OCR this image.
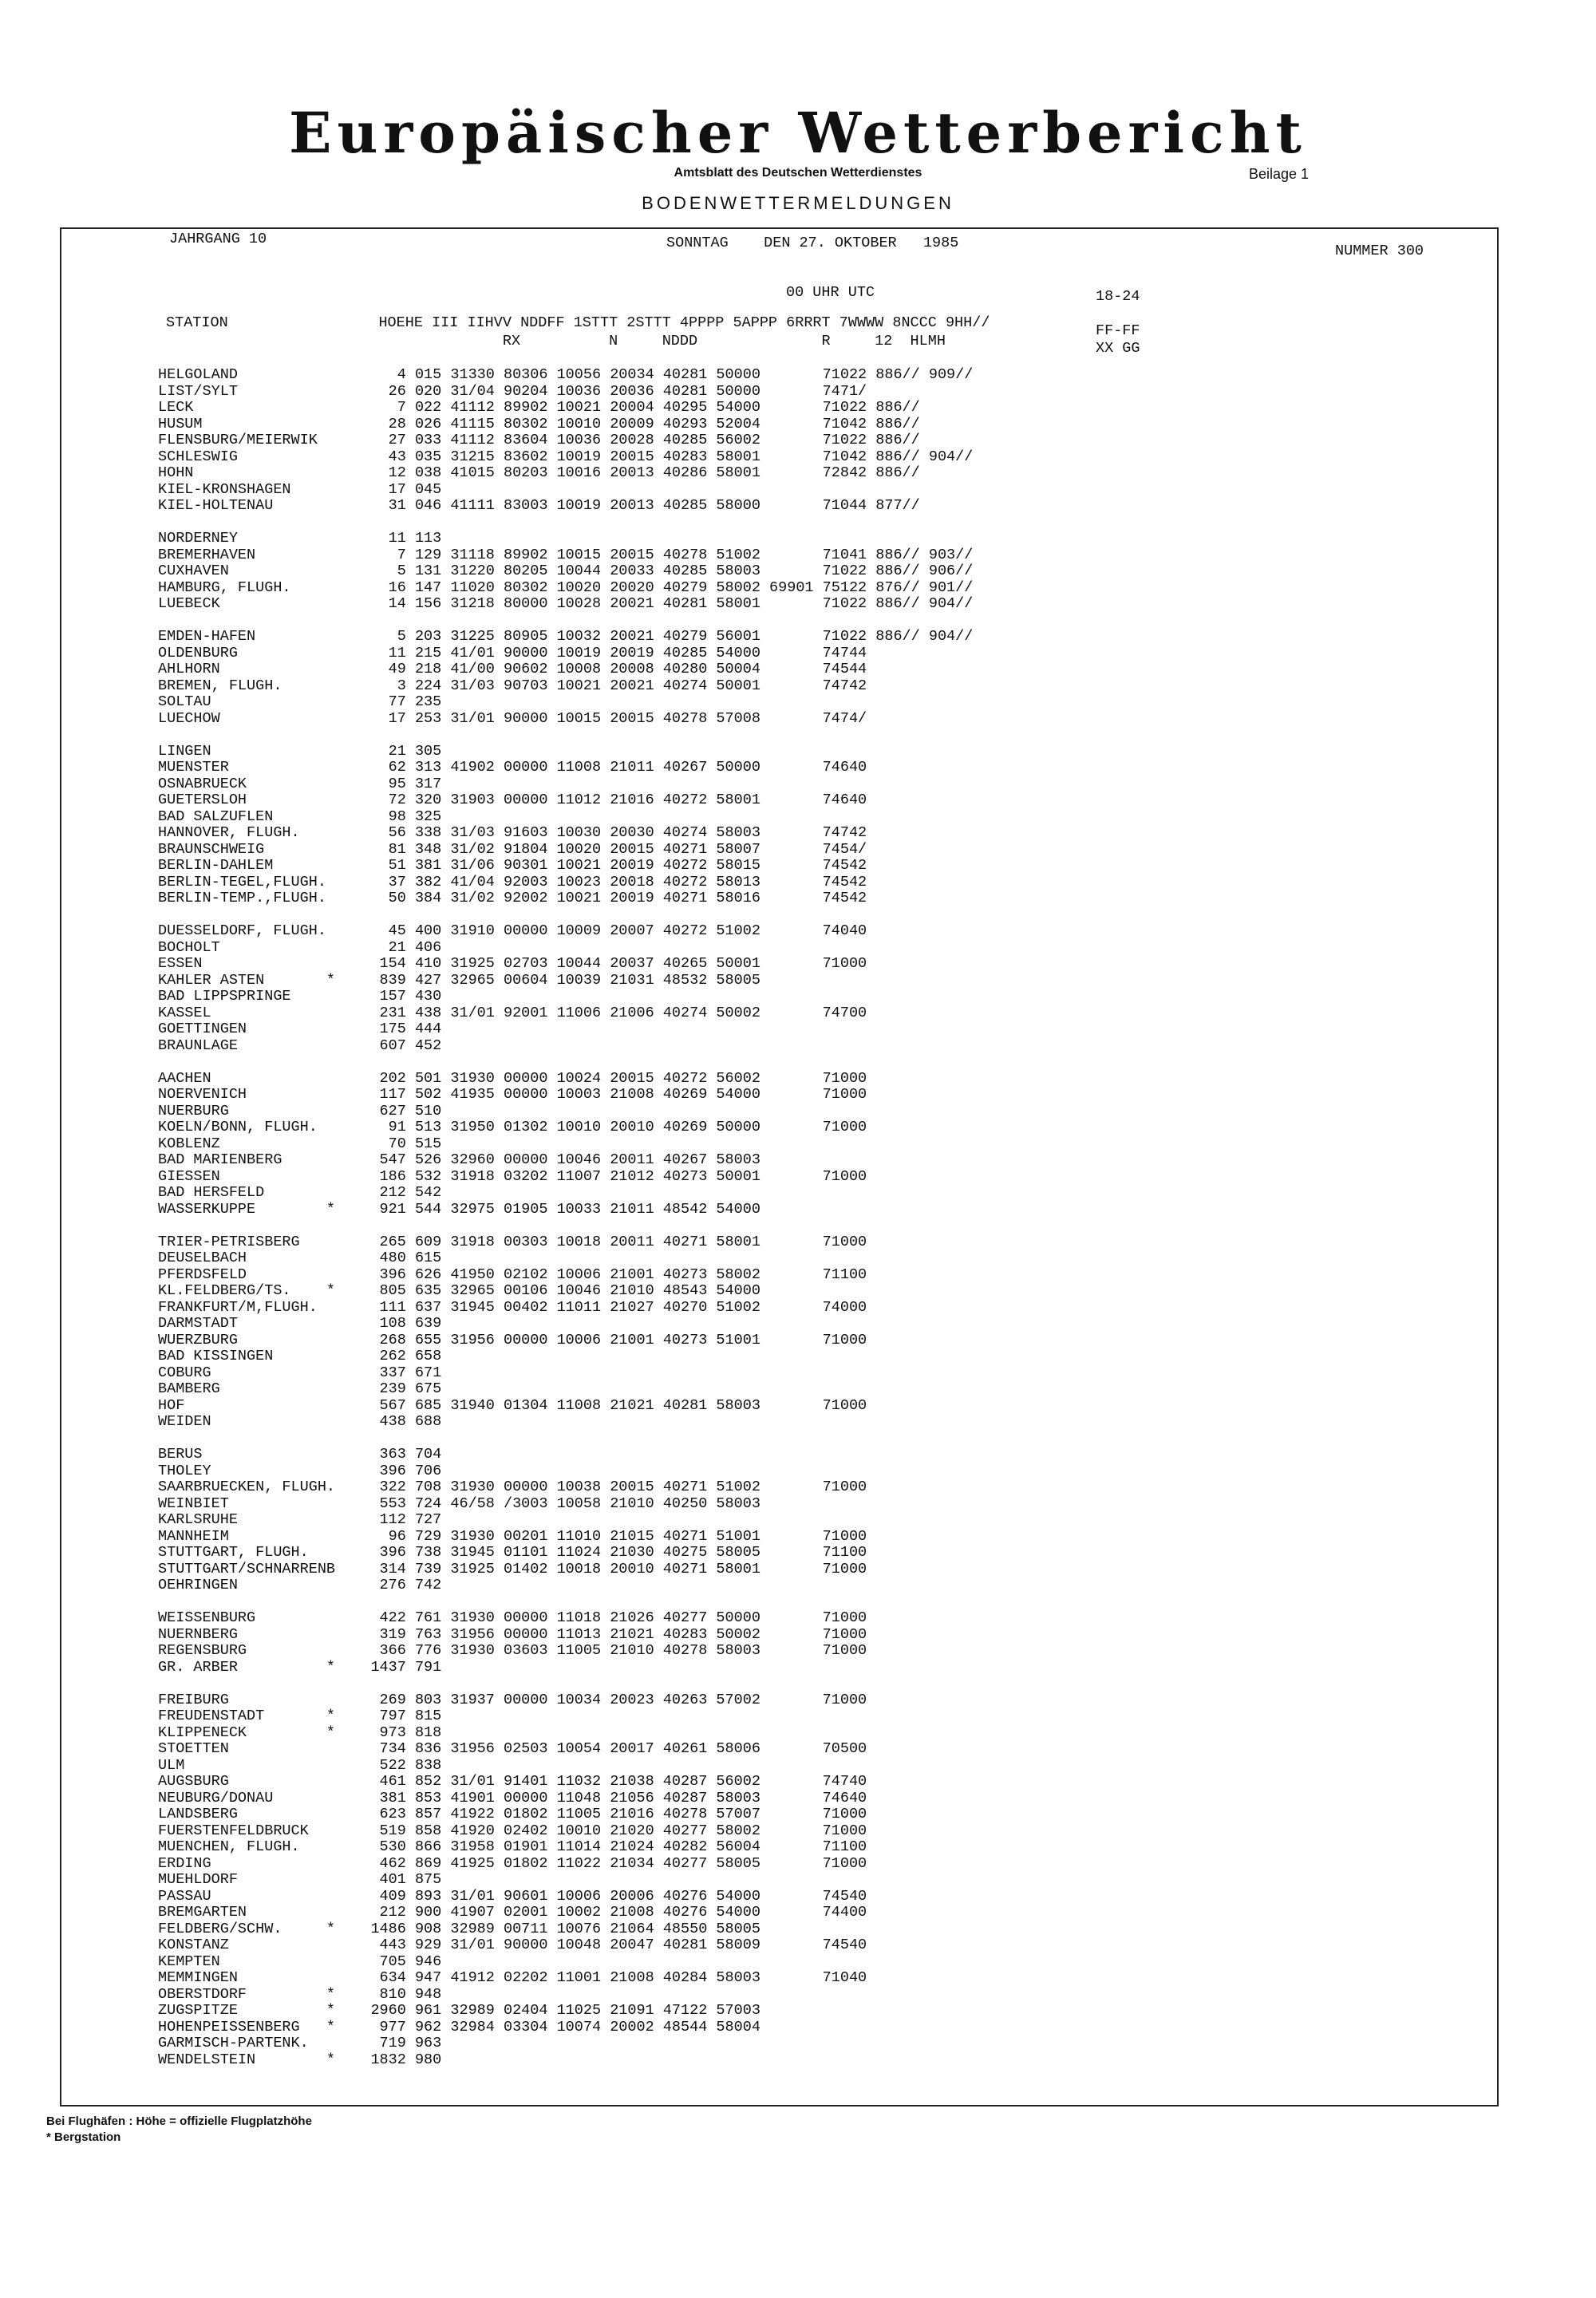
Europäischer Wetterbericht
Amtsblatt des Deutschen Wetterdienstes	Beilage 1
BODENWETTERMELDUNGEN
JAHRGANG 10	SONNTAG    DEN 27. OKTOBER   1985	NUMMER 300
00 UHR UTC	18-24
STATION                 HOEHE III IIHVV NDDFF 1STTT 2STTT 4PPPP 5APPP 6RRRT 7WWWW 8NCCC 9HH//
RX          N     NDDD              R     12  HLMH
FF-FF
XX GG
HELGOLAND                  4 015 31330 80306 10056 20034 40281 50000       71022 886// 909//
LIST/SYLT                 26 020 31/04 90204 10036 20036 40281 50000       7471/
LECK                       7 022 41112 89902 10021 20004 40295 54000       71022 886//
HUSUM                     28 026 41115 80302 10010 20009 40293 52004       71042 886//
FLENSBURG/MEIERWIK        27 033 41112 83604 10036 20028 40285 56002       71022 886//
SCHLESWIG                 43 035 31215 83602 10019 20015 40283 58001       71042 886// 904//
HOHN                      12 038 41015 80203 10016 20013 40286 58001       72842 886//
KIEL-KRONSHAGEN           17 045
KIEL-HOLTENAU             31 046 41111 83003 10019 20013 40285 58000       71044 877//
NORDERNEY                 11 113
BREMERHAVEN                7 129 31118 89902 10015 20015 40278 51002       71041 886// 903//
CUXHAVEN                   5 131 31220 80205 10044 20033 40285 58003       71022 886// 906//
HAMBURG, FLUGH.           16 147 11020 80302 10020 20020 40279 58002 69901 75122 876// 901//
LUEBECK                   14 156 31218 80000 10028 20021 40281 58001       71022 886// 904//
EMDEN-HAFEN                5 203 31225 80905 10032 20021 40279 56001       71022 886// 904//
OLDENBURG                 11 215 41/01 90000 10019 20019 40285 54000       74744
AHLHORN                   49 218 41/00 90602 10008 20008 40280 50004       74544
BREMEN, FLUGH.             3 224 31/03 90703 10021 20021 40274 50001       74742
SOLTAU                    77 235
LUECHOW                   17 253 31/01 90000 10015 20015 40278 57008       7474/
LINGEN                    21 305
MUENSTER                  62 313 41902 00000 11008 21011 40267 50000       74640
OSNABRUECK                95 317
GUETERSLOH                72 320 31903 00000 11012 21016 40272 58001       74640
BAD SALZUFLEN             98 325
HANNOVER, FLUGH.          56 338 31/03 91603 10030 20030 40274 58003       74742
BRAUNSCHWEIG              81 348 31/02 91804 10020 20015 40271 58007       7454/
BERLIN-DAHLEM             51 381 31/06 90301 10021 20019 40272 58015       74542
BERLIN-TEGEL,FLUGH.       37 382 41/04 92003 10023 20018 40272 58013       74542
BERLIN-TEMP.,FLUGH.       50 384 31/02 92002 10021 20019 40271 58016       74542
DUESSELDORF, FLUGH.       45 400 31910 00000 10009 20007 40272 51002       74040
BOCHOLT                   21 406
ESSEN                    154 410 31925 02703 10044 20037 40265 50001       71000
KAHLER ASTEN       *     839 427 32965 00604 10039 21031 48532 58005
BAD LIPPSPRINGE          157 430
KASSEL                   231 438 31/01 92001 11006 21006 40274 50002       74700
GOETTINGEN               175 444
BRAUNLAGE                607 452
AACHEN                   202 501 31930 00000 10024 20015 40272 56002       71000
NOERVENICH               117 502 41935 00000 10003 21008 40269 54000       71000
NUERBURG                 627 510
KOELN/BONN, FLUGH.        91 513 31950 01302 10010 20010 40269 50000       71000
KOBLENZ                   70 515
BAD MARIENBERG           547 526 32960 00000 10046 20011 40267 58003
GIESSEN                  186 532 31918 03202 11007 21012 40273 50001       71000
BAD HERSFELD             212 542
WASSERKUPPE        *     921 544 32975 01905 10033 21011 48542 54000
TRIER-PETRISBERG         265 609 31918 00303 10018 20011 40271 58001       71000
DEUSELBACH               480 615
PFERDSFELD               396 626 41950 02102 10006 21001 40273 58002       71100
KL.FELDBERG/TS.    *     805 635 32965 00106 10046 21010 48543 54000
FRANKFURT/M,FLUGH.       111 637 31945 00402 11011 21027 40270 51002       74000
DARMSTADT                108 639
WUERZBURG                268 655 31956 00000 10006 21001 40273 51001       71000
BAD KISSINGEN            262 658
COBURG                   337 671
BAMBERG                  239 675
HOF                      567 685 31940 01304 11008 21021 40281 58003       71000
WEIDEN                   438 688
BERUS                    363 704
THOLEY                   396 706
SAARBRUECKEN, FLUGH.     322 708 31930 00000 10038 20015 40271 51002       71000
WEINBIET                 553 724 46/58 /3003 10058 21010 40250 58003
KARLSRUHE                112 727
MANNHEIM                  96 729 31930 00201 11010 21015 40271 51001       71000
STUTTGART, FLUGH.        396 738 31945 01101 11024 21030 40275 58005       71100
STUTTGART/SCHNARRENB     314 739 31925 01402 10018 20010 40271 58001       71000
OEHRINGEN                276 742
WEISSENBURG              422 761 31930 00000 11018 21026 40277 50000       71000
NUERNBERG                319 763 31956 00000 11013 21021 40283 50002       71000
REGENSBURG               366 776 31930 03603 11005 21010 40278 58003       71000
GR. ARBER          *    1437 791
FREIBURG                 269 803 31937 00000 10034 20023 40263 57002       71000
FREUDENSTADT       *     797 815
KLIPPENECK         *     973 818
STOETTEN                 734 836 31956 02503 10054 20017 40261 58006       70500
ULM                      522 838
AUGSBURG                 461 852 31/01 91401 11032 21038 40287 56002       74740
NEUBURG/DONAU            381 853 41901 00000 11048 21056 40287 58003       74640
LANDSBERG                623 857 41922 01802 11005 21016 40278 57007       71000
FUERSTENFELDBRUCK        519 858 41920 02402 10010 21020 40277 58002       71000
MUENCHEN, FLUGH.         530 866 31958 01901 11014 21024 40282 56004       71100
ERDING                   462 869 41925 01802 11022 21034 40277 58005       71000
MUEHLDORF                401 875
PASSAU                   409 893 31/01 90601 10006 20006 40276 54000       74540
BREMGARTEN               212 900 41907 02001 10002 21008 40276 54000       74400
FELDBERG/SCHW.     *    1486 908 32989 00711 10076 21064 48550 58005
KONSTANZ                 443 929 31/01 90000 10048 20047 40281 58009       74540
KEMPTEN                  705 946
MEMMINGEN                634 947 41912 02202 11001 21008 40284 58003       71040
OBERSTDORF         *     810 948
ZUGSPITZE          *    2960 961 32989 02404 11025 21091 47122 57003
HOHENPEISSENBERG   *     977 962 32984 03304 10074 20002 48544 58004
GARMISCH-PARTENK.        719 963
WENDELSTEIN        *    1832 980
Bei Flughäfen : Höhe = offizielle Flugplatzhöhe
* Bergstation
